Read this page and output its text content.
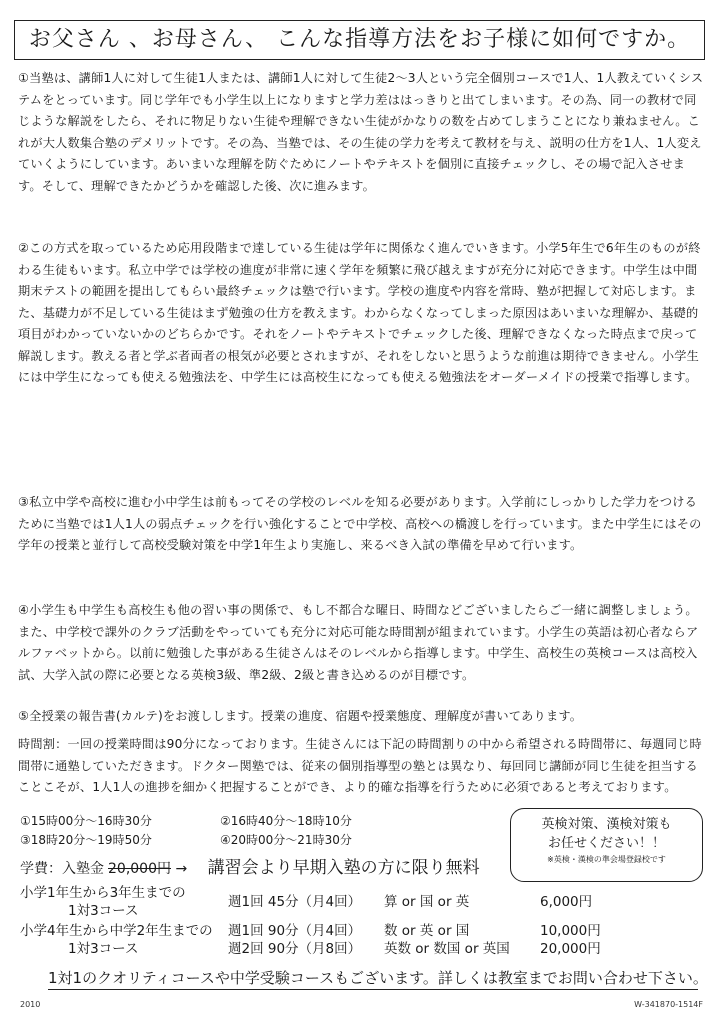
お父さん 、お母さん、 こんな指導方法をお子様に如何ですか。
①当塾は、講師1人に対して生徒1人または、講師1人に対して生徒2～3人という完全個別コースで1人、1人教えていくシステムをとっています。同じ学年でも小学生以上になりますと学力差ははっきりと出てしまいます。その為、同一の教材で同じような解説をしたら、それに物足りない生徒や理解できない生徒がかなりの数を占めてしまうことになり兼ねません。これが大人数集合塾のデメリットです。その為、当塾では、その生徒の学力を考えて教材を与え、説明の仕方を1人、1人変えていくようにしています。あいまいな理解を防ぐためにノートやテキストを個別に直接チェックし、その場で記入させます。そして、理解できたかどうかを確認した後、次に進みます。
②この方式を取っているため応用段階まで達している生徒は学年に関係なく進んでいきます。小学5年生で6年生のものが終わる生徒もいます。私立中学では学校の進度が非常に速く学年を頻繁に飛び越えますが充分に対応できます。中学生は中間期末テストの範囲を提出してもらい最終チェックは塾で行います。学校の進度や内容を常時、塾が把握して対応します。また、基礎力が不足している生徒はまず勉強の仕方を教えます。わからなくなってしまった原因はあいまいな理解か、基礎的項目がわかっていないかのどちらかです。それをノートやテキストでチェックした後、理解できなくなった時点まで戻って解説します。教える者と学ぶ者両者の根気が必要とされますが、それをしないと思うような前進は期待できません。小学生には中学生になっても使える勉強法を、中学生には高校生になっても使える勉強法をオーダーメイドの授業で指導します。
③私立中学や高校に進む小中学生は前もってその学校のレベルを知る必要があります。入学前にしっかりした学力をつけるために当塾では1人1人の弱点チェックを行い強化することで中学校、高校への橋渡しを行っています。また中学生にはその学年の授業と並行して高校受験対策を中学1年生より実施し、来るべき入試の準備を早めて行います。
④小学生も中学生も高校生も他の習い事の関係で、もし不都合な曜日、時間などございましたらご一緒に調整しましょう。また、中学校で課外のクラブ活動をやっていても充分に対応可能な時間割が組まれています。小学生の英語は初心者ならアルファベットから。以前に勉強した事がある生徒さんはそのレベルから指導します。中学生、高校生の英検コースは高校入試、大学入試の際に必要となる英検3級、準2級、2級と書き込めるのが目標です。
⑤全授業の報告書(カルテ)をお渡しします。授業の進度、宿題や授業態度、理解度が書いてあります。
時間割：一回の授業時間は90分になっております。生徒さんには下記の時間割りの中から希望される時間帯に、毎週同じ時間帯に通塾していただきます。ドクター関塾では、従来の個別指導型の塾とは異なり、毎回同じ講師が同じ生徒を担当することこそが、1人1人の進捗を細かく把握することができ、より的確な指導を行うために必須であると考えております。
①15時00分～16時30分	②16時40分～18時10分
③18時20分～19時50分	④20時00分～21時30分
英検対策、漢検対策も
お任せください！！
※英検・漢検の準会場登録校です
学費：入塾金 20,000円 → 講習会より早期入塾の方に限り無料
小学1年生から3年生までの
1対3コース
週1回 45分（月4回） 算 or 国 or 英	6,000円
小学4年生から中学2年生までの
1対3コース
週1回 90分（月4回） 数 or 英 or 国	10,000円
週2回 90分（月8回） 英数 or 数国 or 英国 20,000円
1対1のクオリティコースや中学受験コースもございます。詳しくは教室までお問い合わせ下さい。
2010	W-341870-1514F
